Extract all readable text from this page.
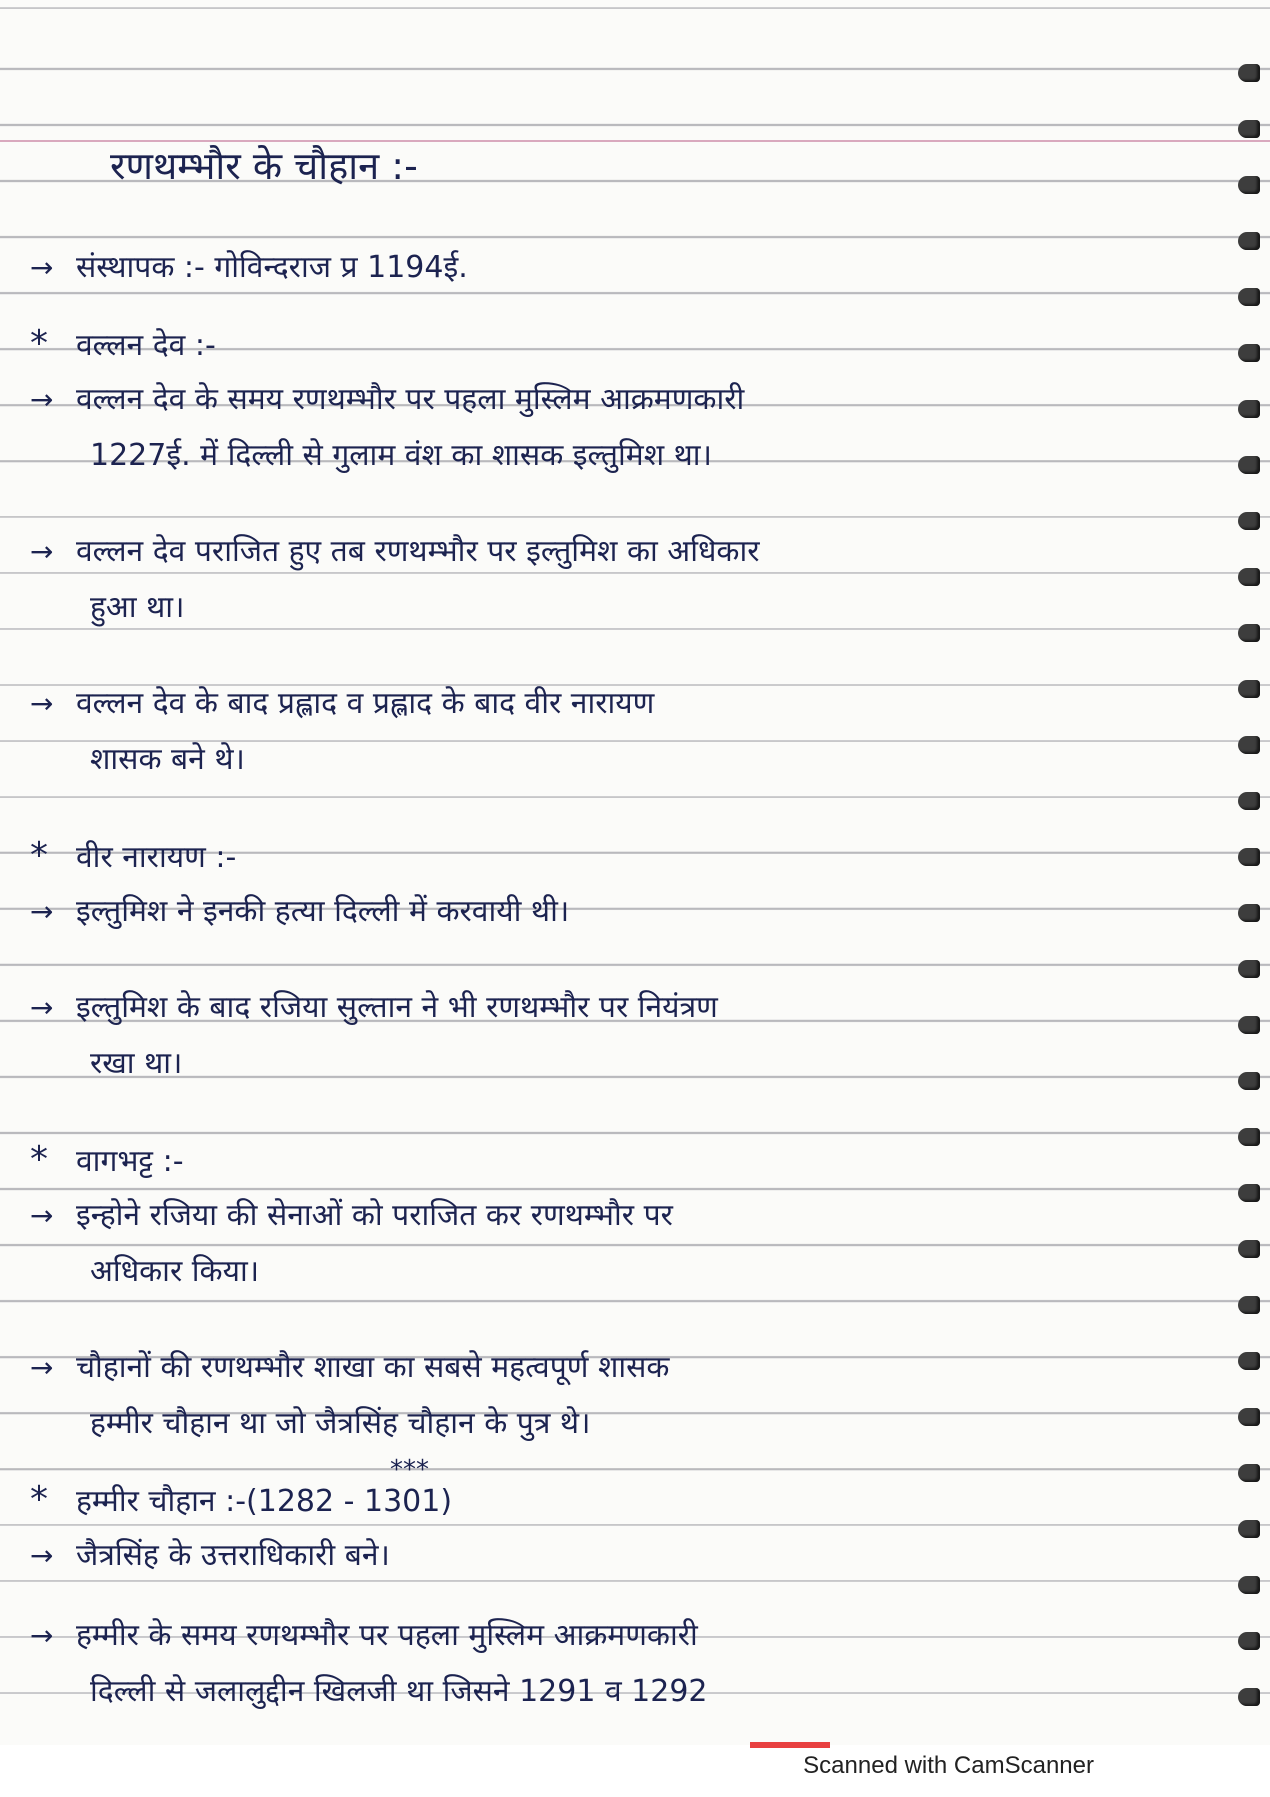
रणथम्भौर के चौहान :-
→ संस्थापक :- गोविन्दराज प्र 1194ई.
* वल्लन देव :-
→ वल्लन देव के समय रणथम्भौर पर पहला मुस्लिम आक्रमणकारी
1227ई. में दिल्ली से गुलाम वंश का शासक इल्तुमिश था।
→ वल्लन देव पराजित हुए तब रणथम्भौर पर इल्तुमिश का अधिकार
हुआ था।
→ वल्लन देव के बाद प्रह्लाद व प्रह्लाद के बाद वीर नारायण
शासक बने थे।
* वीर नारायण :-
→ इल्तुमिश ने इनकी हत्या दिल्ली में करवायी थी।
→ इल्तुमिश के बाद रजिया सुल्तान ने भी रणथम्भौर पर नियंत्रण
रखा था।
* वागभट्ट :-
→ इन्होने रजिया की सेनाओं को पराजित कर रणथम्भौर पर
अधिकार किया।
→ चौहानों की रणथम्भौर शाखा का सबसे महत्वपूर्ण शासक
हम्मीर चौहान था जो जैत्रसिंह चौहान के पुत्र थे।
* हम्मीर चौहान :-(1282 - 1301)
***
→ जैत्रसिंह के उत्तराधिकारी बने।
→ हम्मीर के समय रणथम्भौर पर पहला मुस्लिम आक्रमणकारी
दिल्ली से जलालुद्दीन खिलजी था जिसने 1291 व 1292
Scanned with CamScanner
